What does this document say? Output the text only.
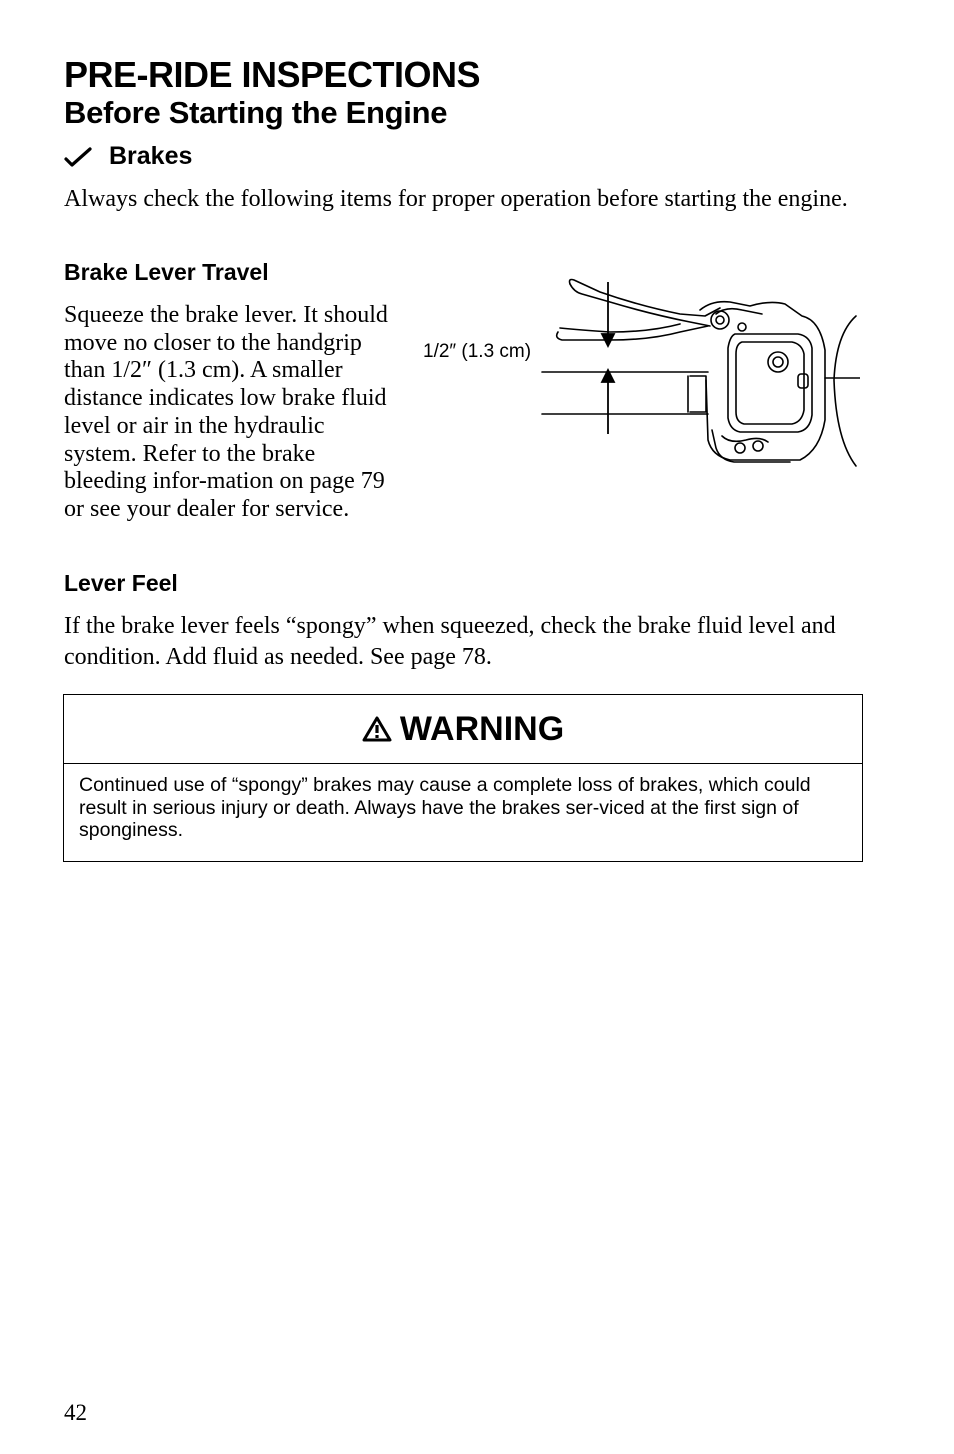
PRE-RIDE INSPECTIONS
Before Starting the Engine
Brakes
Always check the following items for proper operation before starting the engine.
Brake Lever Travel
Squeeze the brake lever. It should move no closer to the handgrip than 1/2″ (1.3 cm). A smaller distance indicates low brake fluid level or air in the hydraulic system. Refer to the brake bleeding infor-mation on page 79 or see your dealer for service.
1/2″ (1.3 cm)
Lever Feel
If the brake lever feels “spongy” when squeezed, check the brake fluid level and condition. Add fluid as needed. See page 78.
WARNING
Continued use of “spongy” brakes may cause a complete loss of brakes, which could result in serious injury or death. Always have the brakes ser-viced at the first sign of sponginess.
42
